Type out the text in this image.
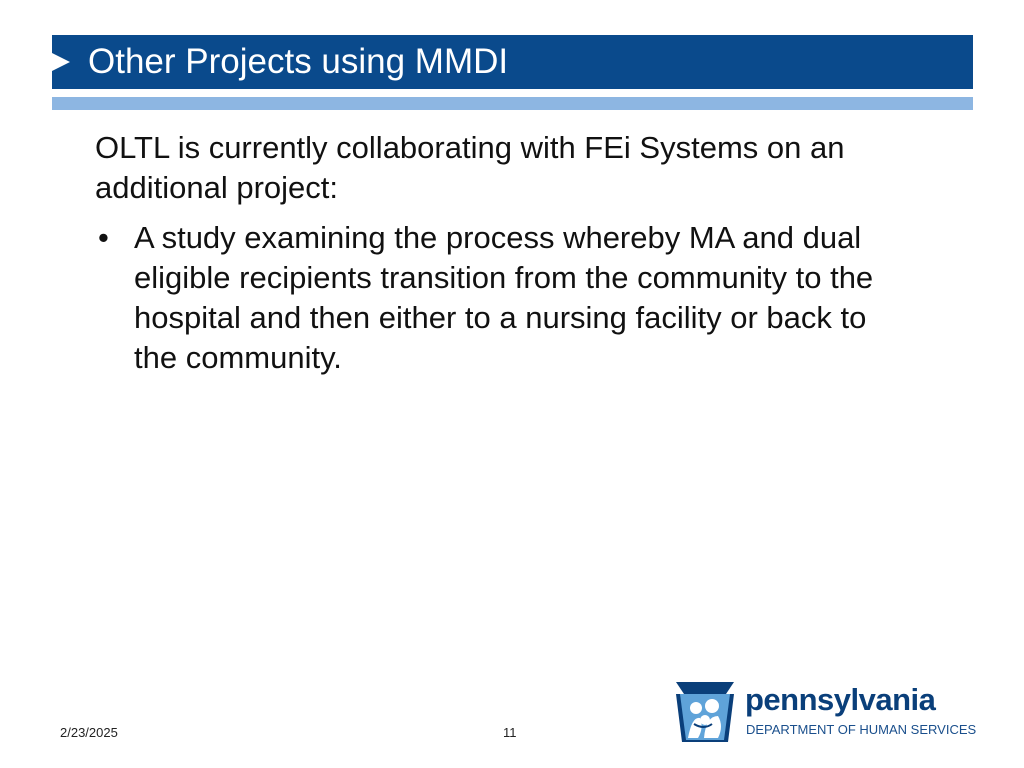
Other Projects using MMDI

OLTL is currently collaborating with FEi Systems on an additional project:

• A study examining the process whereby MA and dual eligible recipients transition from the community to the hospital and then either to a nursing facility or back to the community.
2/23/2025	11
pennsylvania
DEPARTMENT OF HUMAN SERVICES
